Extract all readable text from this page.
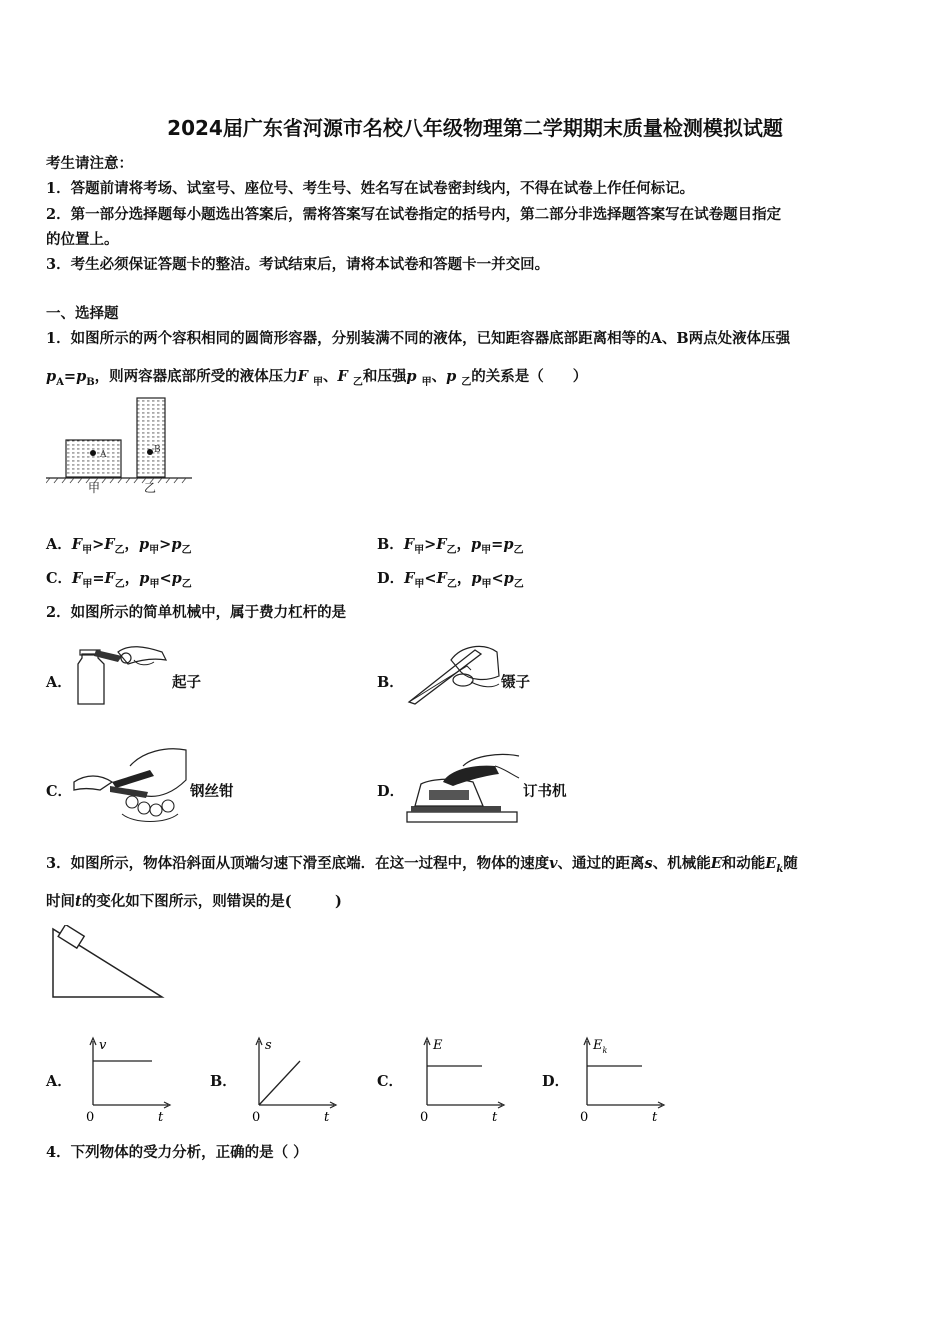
2024届广东省河源市名校八年级物理第二学期期末质量检测模拟试题
考生请注意：
1．答题前请将考场、试室号、座位号、考生号、姓名写在试卷密封线内，不得在试卷上作任何标记。
2．第一部分选择题每小题选出答案后，需将答案写在试卷指定的括号内，第二部分非选择题答案写在试卷题目指定
的位置上。
3．考生必须保证答题卡的整洁。考试结束后，请将本试卷和答题卡一并交回。
一、选择题
1．如图所示的两个容积相同的圆筒形容器，分别装满不同的液体，已知距容器底部距离相等的A、B两点处液体压强
$p_A=p_B$，则两容器底部所受的液体压力F $_甲$、F $_乙$和压强p $_甲$、p $_乙$的关系是（　　）
A	B
甲	乙
A．$F_甲>F_乙$，$p_甲>p_乙$	B．$F_甲>F_乙$，$p_甲=p_乙$
C．$F_甲=F_乙$，$p_甲<p_乙$	D．$F_甲<F_乙$，$p_甲<p_乙$
2．如图所示的简单机械中，属于费力杠杆的是
A．	起子	B．	镊子
C．	钢丝钳	D．	订书机
3．如图所示，物体沿斜面从顶端匀速下滑至底端．在这一过程中，物体的速度v、通过的距离s、机械能E和动能$E_k$随
时间t的变化如下图所示，则错误的是(　　　)
A．
v
t
0
B．
s
t
0
C．
E
t
0
D．
$E_k$
t
0
4．下列物体的受力分析，正确的是（ ）
